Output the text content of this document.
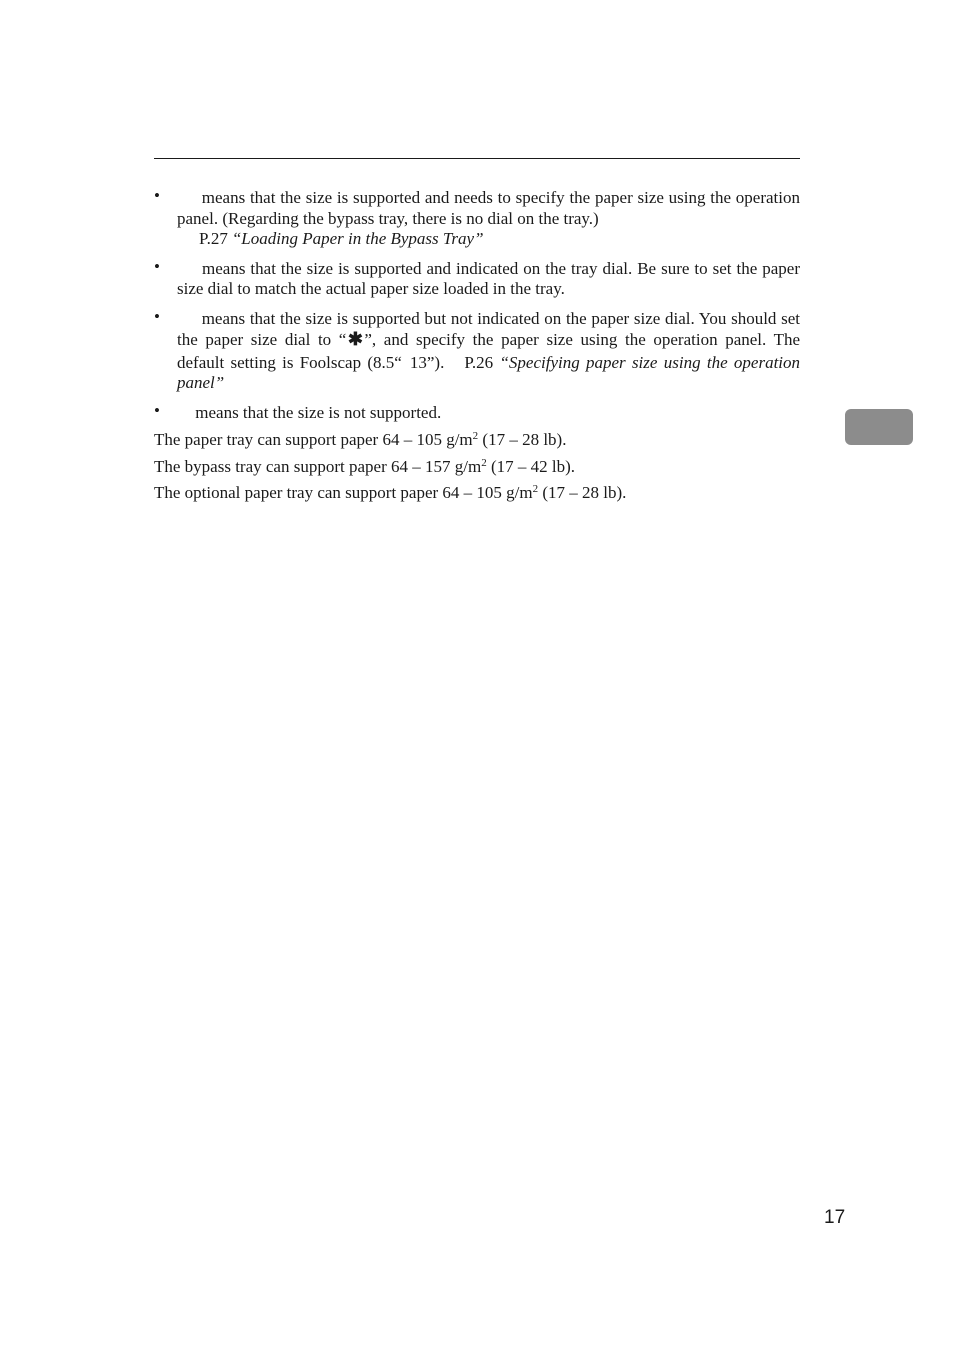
•	means that the size is supported and needs to specify the paper size using the operation panel. (Regarding the bypass tray, there is no dial on the tray.)
P.27 “Loading Paper in the Bypass Tray”
•	means that the size is supported and indicated on the tray dial. Be sure to set the paper size dial to match the actual paper size loaded in the tray.
•	means that the size is supported but not indicated on the paper size dial. You should set the paper size dial to “✱”, and specify the paper size using the operation panel. The default setting is Foolscap (8.5“ 13”). P.26 “Specifying paper size using the operation panel”
•	means that the size is not supported.

The paper tray can support paper 64 – 105 $g/m^2$ (17 – 28 lb).

The bypass tray can support paper 64 – 157 $g/m^2$ (17 – 42 lb).

The optional paper tray can support paper 64 – 105 $g/m^2$ (17 – 28 lb).

17
